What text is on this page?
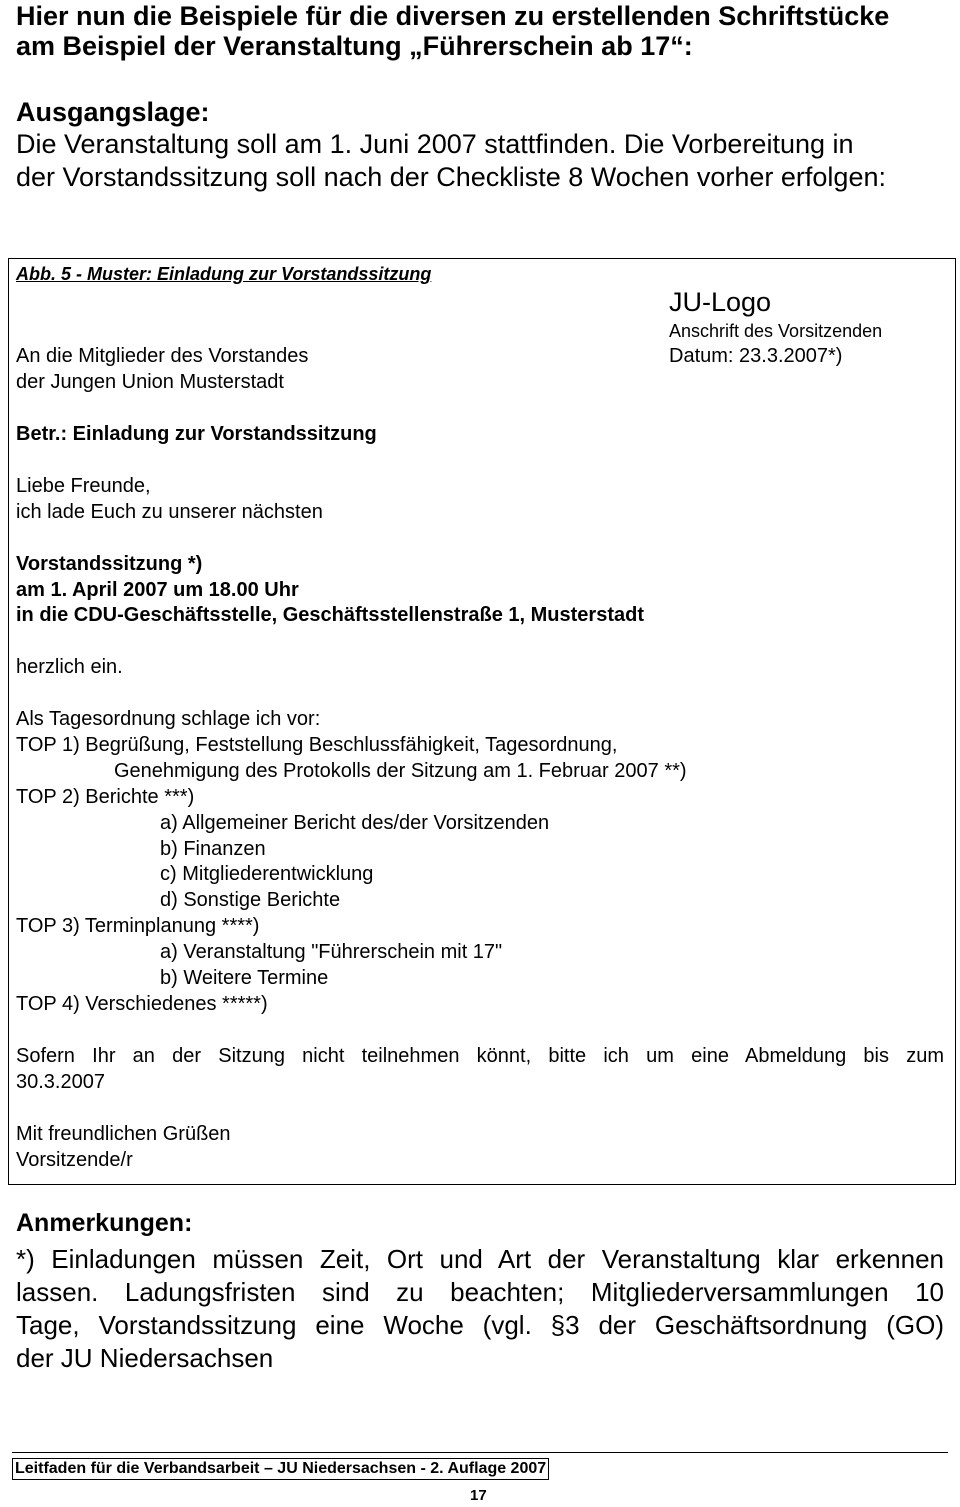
Hier nun die Beispiele für die diversen zu erstellenden Schriftstücke
am Beispiel der Veranstaltung „Führerschein ab 17“:
Ausgangslage:
Die Veranstaltung soll am 1. Juni 2007 stattfinden. Die Vorbereitung in
der Vorstandssitzung soll nach der Checkliste 8 Wochen vorher erfolgen:
Abb. 5 - Muster: Einladung zur Vorstandssitzung
JU-Logo
Anschrift des Vorsitzenden
Datum: 23.3.2007*)
An die Mitglieder des Vorstandes
der Jungen Union Musterstadt
Betr.: Einladung zur Vorstandssitzung
Liebe Freunde,
ich lade Euch zu unserer nächsten
Vorstandssitzung *)
am 1. April 2007 um 18.00 Uhr
in die CDU-Geschäftsstelle, Geschäftsstellenstraße 1, Musterstadt
herzlich ein.
Als Tagesordnung schlage ich vor:
TOP 1) Begrüßung, Feststellung Beschlussfähigkeit, Tagesordnung,
Genehmigung des Protokolls der Sitzung am 1. Februar 2007 **)
TOP 2) Berichte ***)
a) Allgemeiner Bericht des/der Vorsitzenden
b) Finanzen
c) Mitgliederentwicklung
d) Sonstige Berichte
TOP 3) Terminplanung ****)
a) Veranstaltung "Führerschein mit 17"
b) Weitere Termine
TOP 4) Verschiedenes *****)
Sofern Ihr an der Sitzung nicht teilnehmen könnt, bitte ich um eine Abmeldung bis zum
30.3.2007
Mit freundlichen Grüßen
Vorsitzende/r
Anmerkungen:
*) Einladungen müssen Zeit, Ort und Art der Veranstaltung klar erkennen
lassen. Ladungsfristen sind zu beachten; Mitgliederversammlungen 10
Tage, Vorstandssitzung eine Woche (vgl. §3 der Geschäftsordnung (GO)
der JU Niedersachsen
Leitfaden für die Verbandsarbeit – JU Niedersachsen - 2. Auflage 2007
17
